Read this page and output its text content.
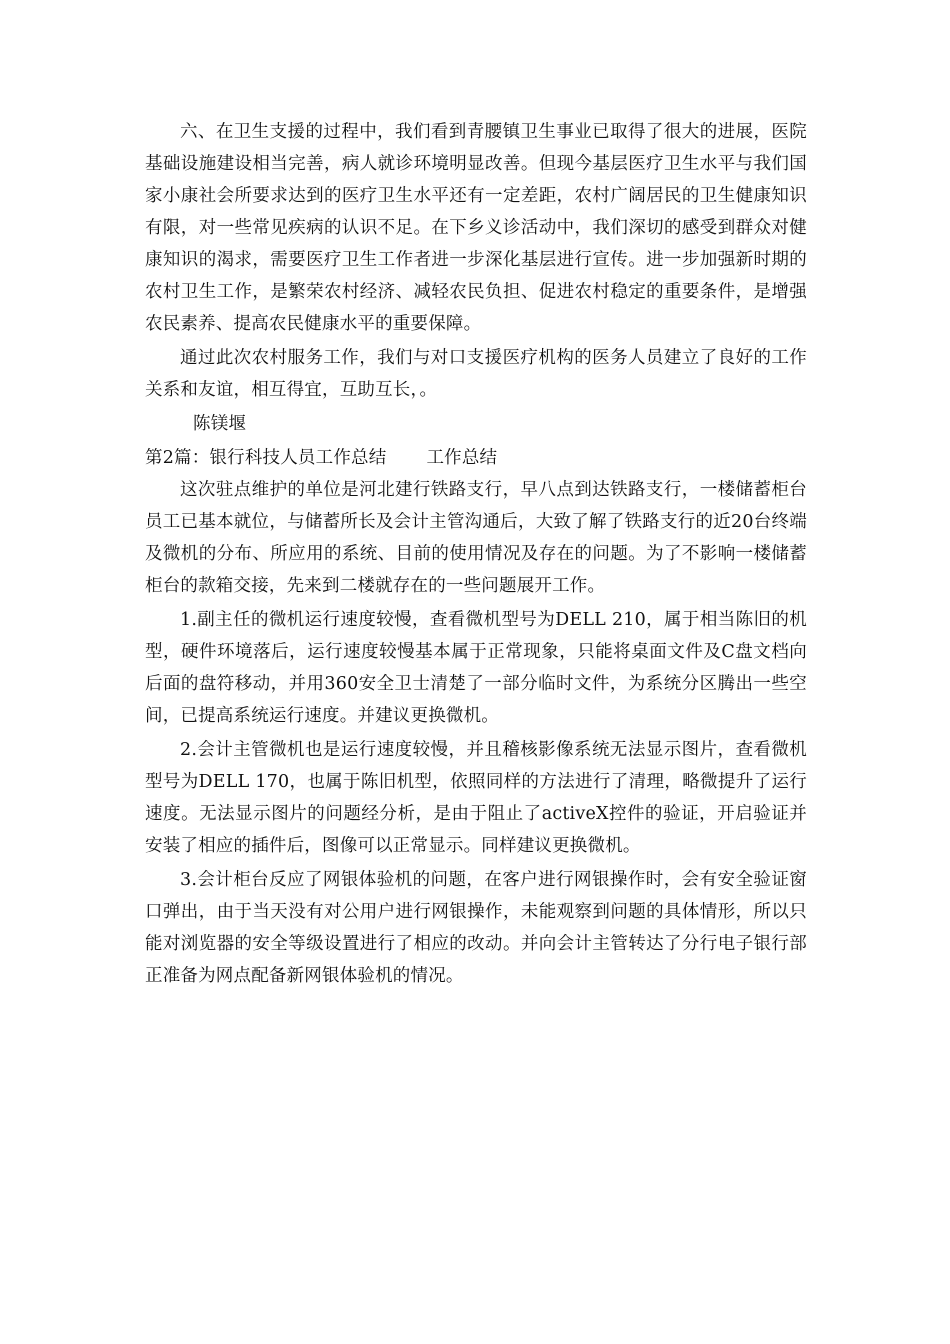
六、在卫生支援的过程中，我们看到青腰镇卫生事业已取得了很大的进展，医院基础设施建设相当完善，病人就诊环境明显改善。但现今基层医疗卫生水平与我们国家小康社会所要求达到的医疗卫生水平还有一定差距，农村广阔居民的卫生健康知识有限，对一些常见疾病的认识不足。在下乡义诊活动中，我们深切的感受到群众对健康知识的渴求，需要医疗卫生工作者进一步深化基层进行宣传。进一步加强新时期的农村卫生工作，是繁荣农村经济、减轻农民负担、促进农村稳定的重要条件，是增强农民素养、提高农民健康水平的重要保障。

通过此次农村服务工作，我们与对口支援医疗机构的医务人员建立了良好的工作关系和友谊，相互得宜，互助互长，。

陈镁堰

第2篇：银行科技人员工作总结 工作总结

这次驻点维护的单位是河北建行铁路支行，早八点到达铁路支行，一楼储蓄柜台员工已基本就位，与储蓄所长及会计主管沟通后，大致了解了铁路支行的近20台终端及微机的分布、所应用的系统、目前的使用情况及存在的问题。为了不影响一楼储蓄柜台的款箱交接，先来到二楼就存在的一些问题展开工作。

1.副主任的微机运行速度较慢，查看微机型号为DELL 210，属于相当陈旧的机型，硬件环境落后，运行速度较慢基本属于正常现象，只能将桌面文件及C盘文档向后面的盘符移动，并用360安全卫士清楚了一部分临时文件，为系统分区腾出一些空间，已提高系统运行速度。并建议更换微机。

2.会计主管微机也是运行速度较慢，并且稽核影像系统无法显示图片，查看微机型号为DELL 170，也属于陈旧机型，依照同样的方法进行了清理，略微提升了运行速度。无法显示图片的问题经分析，是由于阻止了activeX控件的验证，开启验证并安装了相应的插件后，图像可以正常显示。同样建议更换微机。

3.会计柜台反应了网银体验机的问题，在客户进行网银操作时，会有安全验证窗口弹出，由于当天没有对公用户进行网银操作，未能观察到问题的具体情形，所以只能对浏览器的安全等级设置进行了相应的改动。并向会计主管转达了分行电子银行部正准备为网点配备新网银体验机的情况。
